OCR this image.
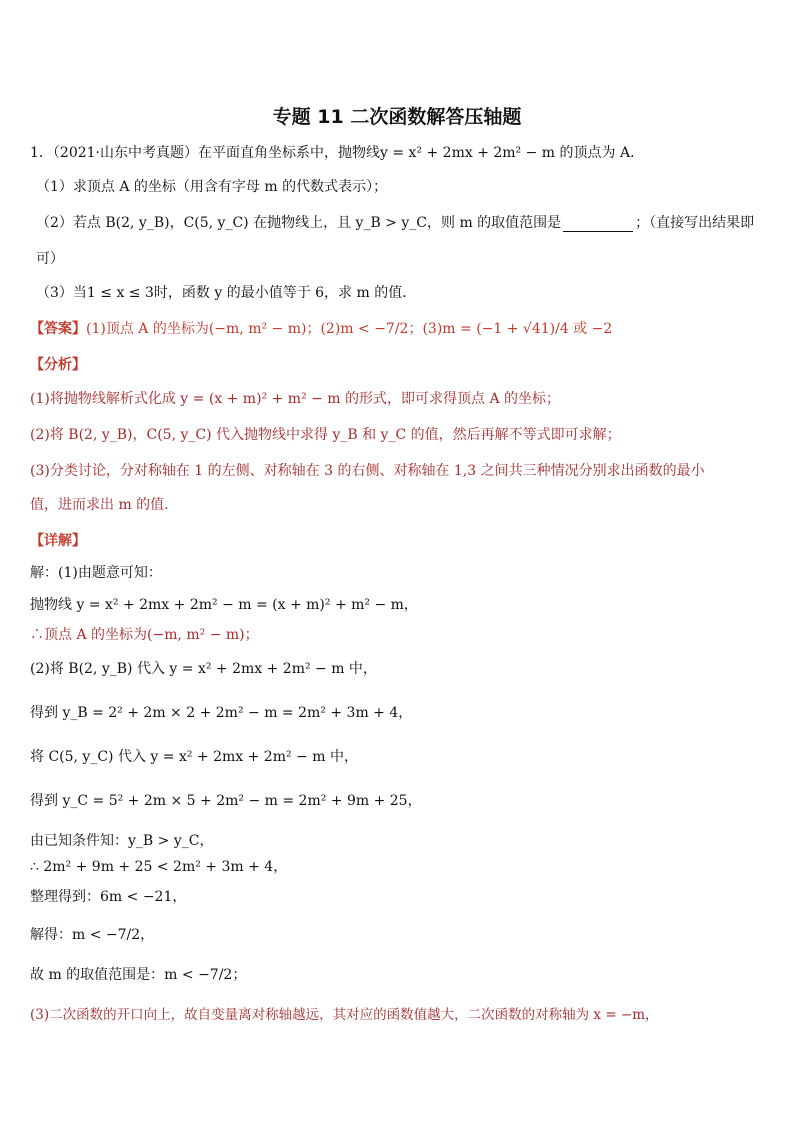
专题 11 二次函数解答压轴题
1．（2021·山东中考真题）在平面直角坐标系中，抛物线y = x² + 2mx + 2m² − m 的顶点为 A．
（1）求顶点 A 的坐标（用含有字母 m 的代数式表示）；
（2）若点 B(2, y_B)，C(5, y_C) 在抛物线上，且 y_B > y_C，则 m 的取值范围是	；（直接写出结果即
可）
（3）当1 ≤ x ≤ 3时，函数 y 的最小值等于 6，求 m 的值．
【答案】(1)顶点 A 的坐标为(−m, m² − m)；(2)m < −7/2；(3)m = (−1 + √41)/4 或 −2
【分析】
(1)将抛物线解析式化成 y = (x + m)² + m² − m 的形式，即可求得顶点 A 的坐标；
(2)将 B(2, y_B)，C(5, y_C) 代入抛物线中求得 y_B 和 y_C 的值，然后再解不等式即可求解；
(3)分类讨论，分对称轴在 1 的左侧、对称轴在 3 的右侧、对称轴在 1,3 之间共三种情况分别求出函数的最小
值，进而求出 m 的值．
【详解】
解：(1)由题意可知：
抛物线 y = x² + 2mx + 2m² − m = (x + m)² + m² − m，
∴顶点 A 的坐标为(−m, m² − m)；
(2)将 B(2, y_B) 代入 y = x² + 2mx + 2m² − m 中，
得到 y_B = 2² + 2m × 2 + 2m² − m = 2m² + 3m + 4，
将 C(5, y_C) 代入 y = x² + 2mx + 2m² − m 中，
得到 y_C = 5² + 2m × 5 + 2m² − m = 2m² + 9m + 25，
由已知条件知：y_B > y_C，
∴ 2m² + 9m + 25 < 2m² + 3m + 4，
整理得到：6m < −21，
解得：m < −7/2，
故 m 的取值范围是：m < −7/2；
(3)二次函数的开口向上，故自变量离对称轴越远，其对应的函数值越大，二次函数的对称轴为 x = −m，
